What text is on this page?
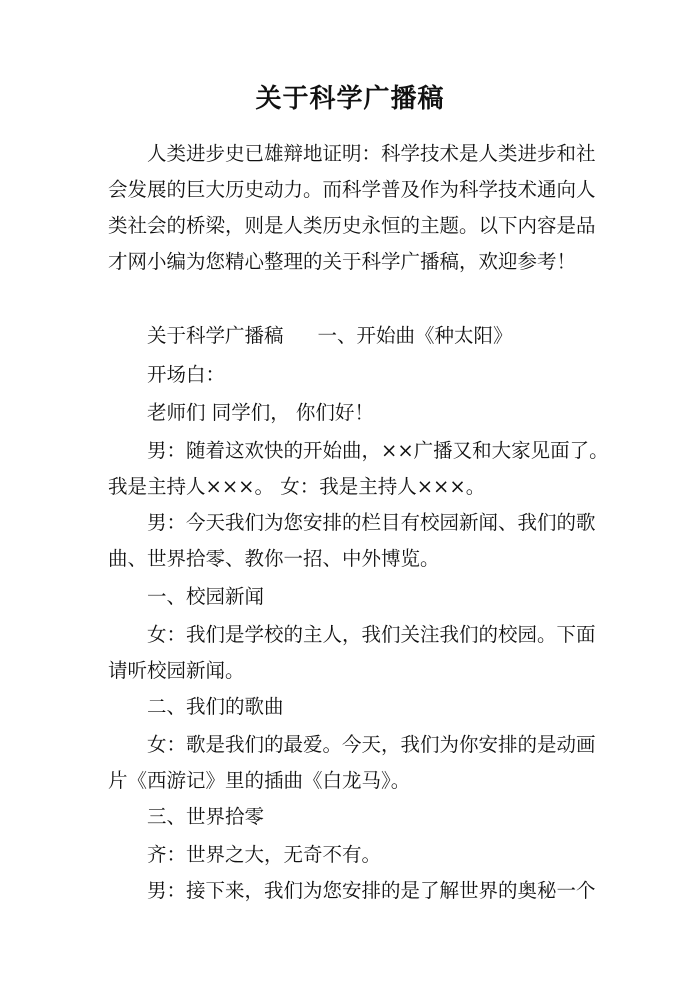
关于科学广播稿
人类进步史已雄辩地证明：科学技术是人类进步和社
会发展的巨大历史动力。而科学普及作为科学技术通向人
类社会的桥梁，则是人类历史永恒的主题。以下内容是品
才网小编为您精心整理的关于科学广播稿，欢迎参考！
关于科学广播稿 一、开始曲《种太阳》
开场白：
老师们 同学们， 你们好！
男：随着这欢快的开始曲，××广播又和大家见面了。
我是主持人×××。 女：我是主持人×××。
男：今天我们为您安排的栏目有校园新闻、我们的歌
曲、世界拾零、教你一招、中外博览。
一、校园新闻
女：我们是学校的主人，我们关注我们的校园。下面
请听校园新闻。
二、我们的歌曲
女：歌是我们的最爱。今天，我们为你安排的是动画
片《西游记》里的插曲《白龙马》。
三、世界拾零
齐：世界之大，无奇不有。
男：接下来，我们为您安排的是了解世界的奥秘一个
